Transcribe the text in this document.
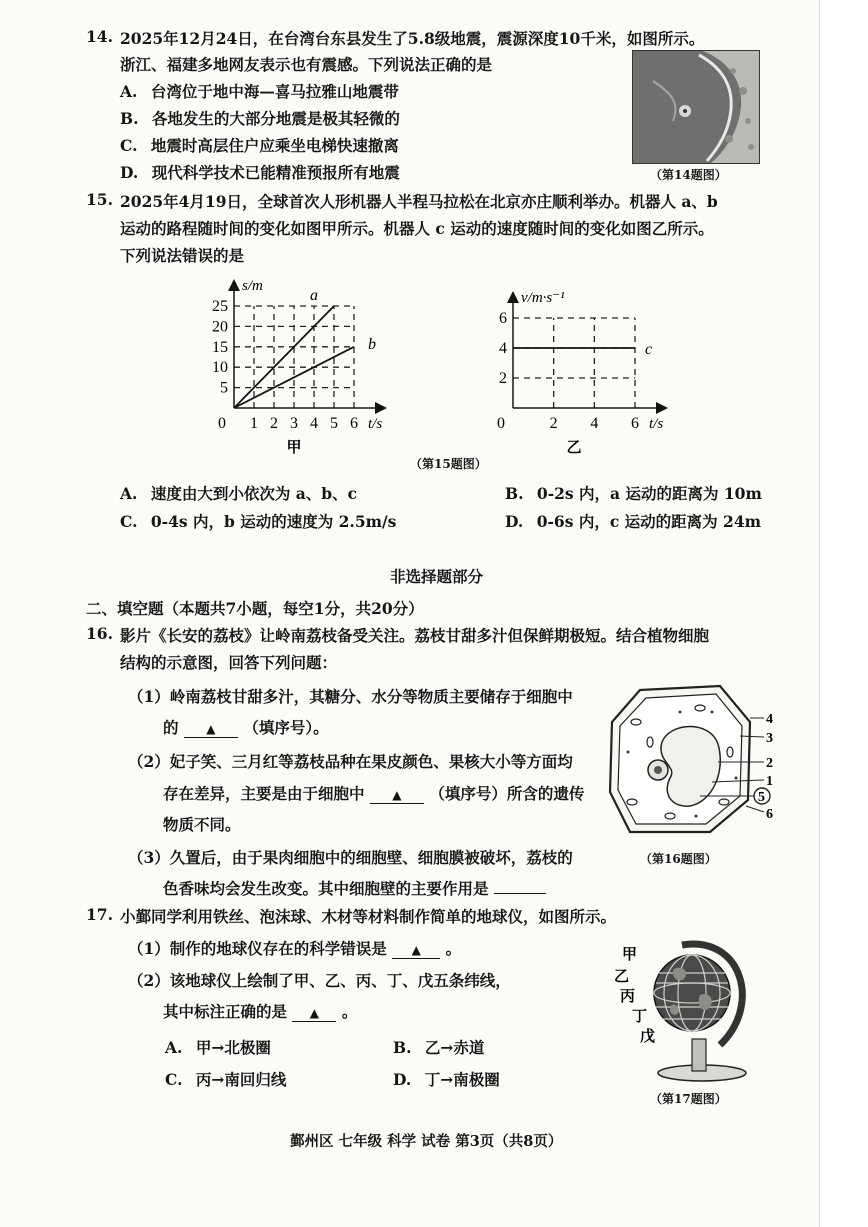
14. 2025年12月24日，在台湾台东县发生了5.8级地震，震源深度10千米，如图所示。
浙江、福建多地网友表示也有震感。下列说法正确的是
A. 台湾位于地中海—喜马拉雅山地震带
B. 各地发生的大部分地震是极其轻微的
C. 地震时高层住户应乘坐电梯快速撤离
D. 现代科学技术已能精准预报所有地震	（第14题图）
15. 2025年4月19日，全球首次人形机器人半程马拉松在北京亦庄顺利举办。机器人 a、b
运动的路程随时间的变化如图甲所示。机器人 c 运动的速度随时间的变化如图乙所示。
下列说法错误的是
0 1 2 3 4 5 6
5
10
15
20
25
a
b
s/m
t/s
甲
0	2 4 6
2
4
6
c
v/m·s⁻¹
t/s
乙
（第15题图）
A. 速度由大到小依次为 a、b、c	B. 0-2s 内，a 运动的距离为 10m
C. 0-4s 内，b 运动的速度为 2.5m/s	D. 0-6s 内，c 运动的距离为 24m
非选择题部分
二、填空题（本题共7小题，每空1分，共20分）
16. 影片《长安的荔枝》让岭南荔枝备受关注。荔枝甘甜多汁但保鲜期极短。结合植物细胞
结构的示意图，回答下列问题：
（1）岭南荔枝甘甜多汁，其糖分、水分等物质主要储存于细胞中
的 ▲ （填序号）。
（2）妃子笑、三月红等荔枝品种在果皮颜色、果核大小等方面均
存在差异，主要是由于细胞中 ▲ （填序号）所含的遗传
物质不同。
（3）久置后，由于果肉细胞中的细胞壁、细胞膜被破坏，荔枝的
色香味均会发生改变。其中细胞壁的主要作用是
4
3
2
1
5
6
（第16题图）
17. 小鄞同学利用铁丝、泡沫球、木材等材料制作简单的地球仪，如图所示。
（1）制作的地球仪存在的科学错误是 ▲ 。
（2）该地球仪上绘制了甲、乙、丙、丁、戊五条纬线，
其中标注正确的是 ▲ 。
A. 甲→北极圈	B. 乙→赤道
C. 丙→南回归线	D. 丁→南极圈
甲
乙
丙
丁
戊
（第17题图）
鄞州区 七年级 科学 试卷 第3页（共8页）
